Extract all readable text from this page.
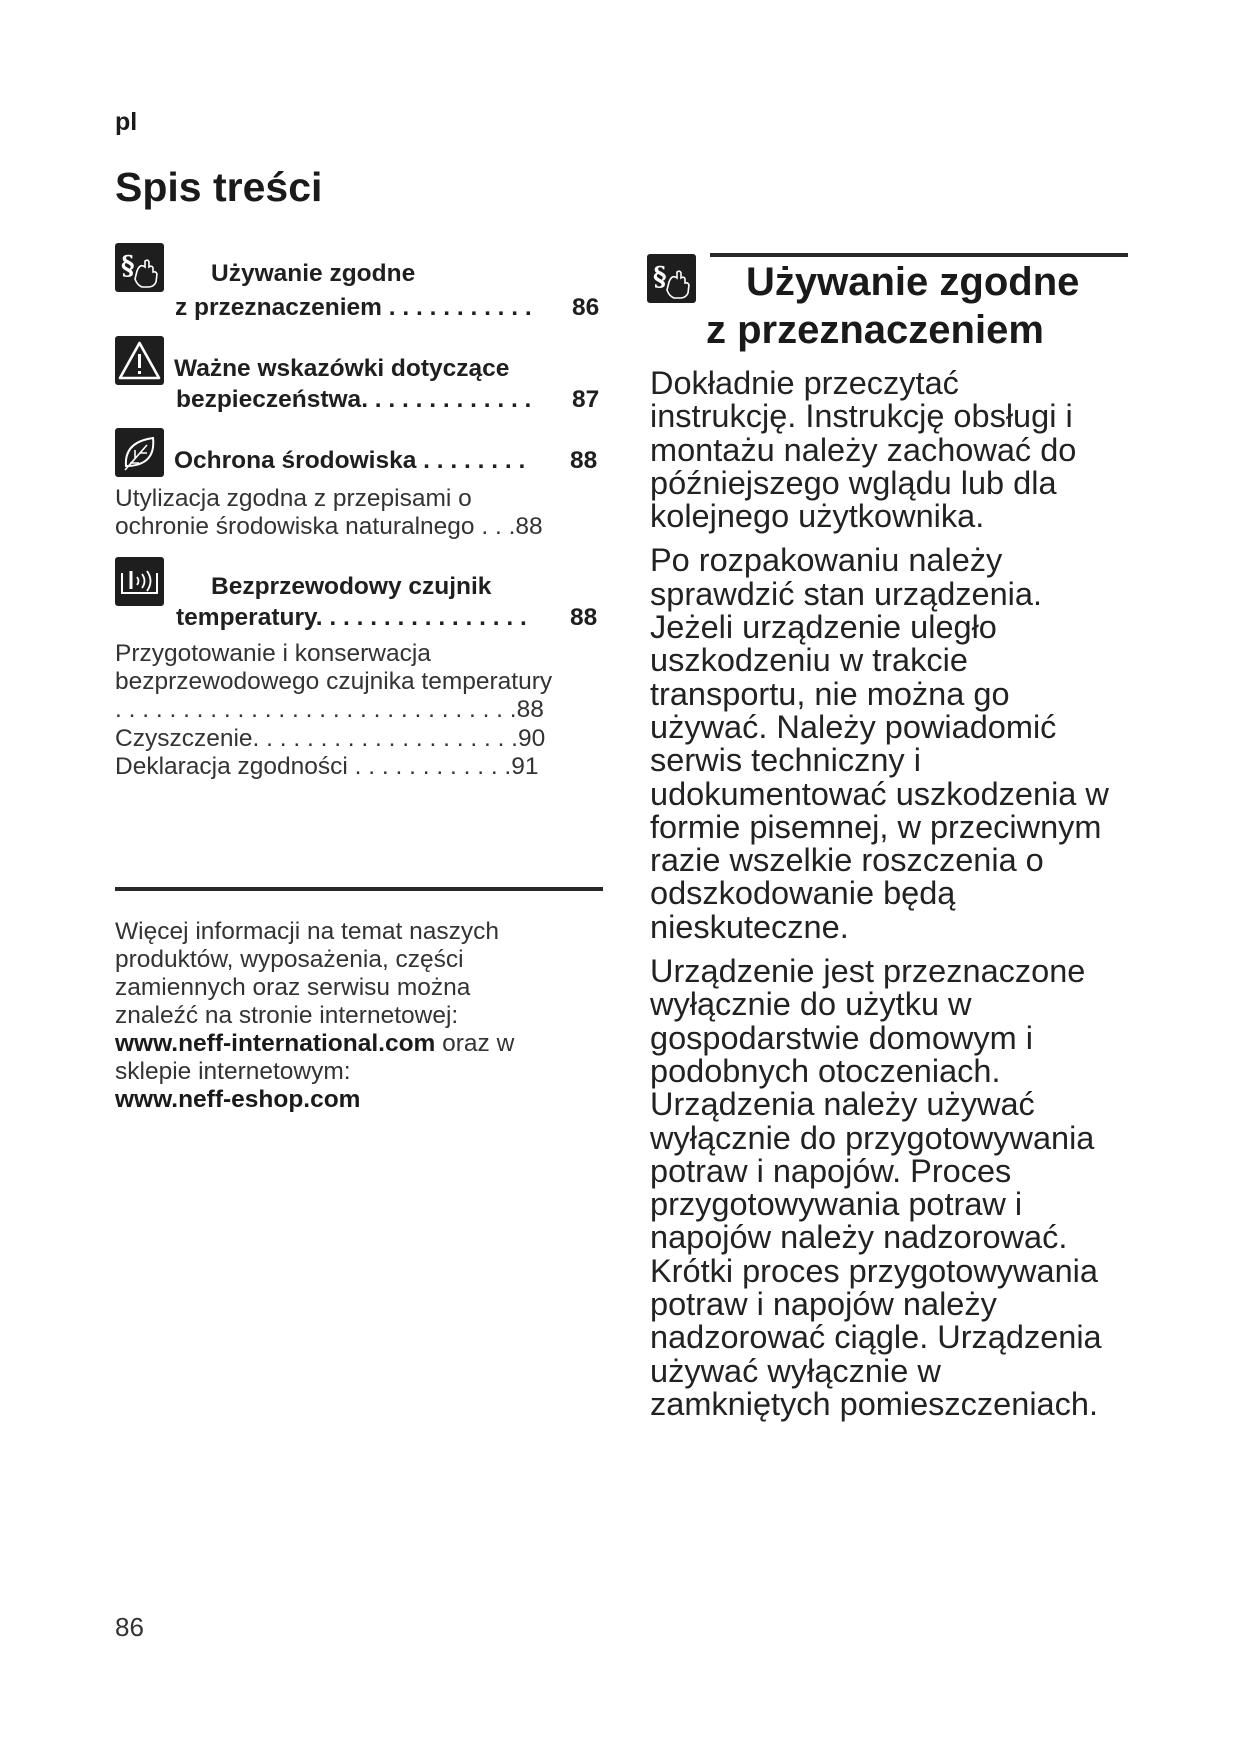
pl
Spis treści
§	Używanie zgodne
z przeznaczeniem . . . . . . . . . . . 86
Ważne wskazówki dotyczące
bezpieczeństwa. . . . . . . . . . . . . 87
Ochrona środowiska . . . . . . . . 88
Utylizacja zgodna z przepisami o
ochronie środowiska naturalnego . . .88
Bezprzewodowy czujnik
temperatury. . . . . . . . . . . . . . . . 88
Przygotowanie i konserwacja
bezprzewodowego czujnika temperatury
. . . . . . . . . . . . . . . . . . . . . . . . . . . . . .88
Czyszczenie. . . . . . . . . . . . . . . . . . . .90
Deklaracja zgodności . . . . . . . . . . . .91
Więcej informacji na temat naszych
produktów, wyposażenia, części
zamiennych oraz serwisu można
znaleźć na stronie internetowej:
www.neff-international.com oraz w
sklepie internetowym:
www.neff-eshop.com
§	Używanie zgodne
z przeznaczeniem

Dokładnie przeczytać
instrukcję. Instrukcję obsługi i
montażu należy zachować do
późniejszego wglądu lub dla
kolejnego użytkownika.

Po rozpakowaniu należy
sprawdzić stan urządzenia.
Jeżeli urządzenie uległo
uszkodzeniu w trakcie
transportu, nie można go
używać. Należy powiadomić
serwis techniczny i
udokumentować uszkodzenia w
formie pisemnej, w przeciwnym
razie wszelkie roszczenia o
odszkodowanie będą
nieskuteczne.

Urządzenie jest przeznaczone
wyłącznie do użytku w
gospodarstwie domowym i
podobnych otoczeniach.
Urządzenia należy używać
wyłącznie do przygotowywania
potraw i napojów. Proces
przygotowywania potraw i
napojów należy nadzorować.
Krótki proces przygotowywania
potraw i napojów należy
nadzorować ciągle. Urządzenia
używać wyłącznie w
zamkniętych pomieszczeniach.

86
